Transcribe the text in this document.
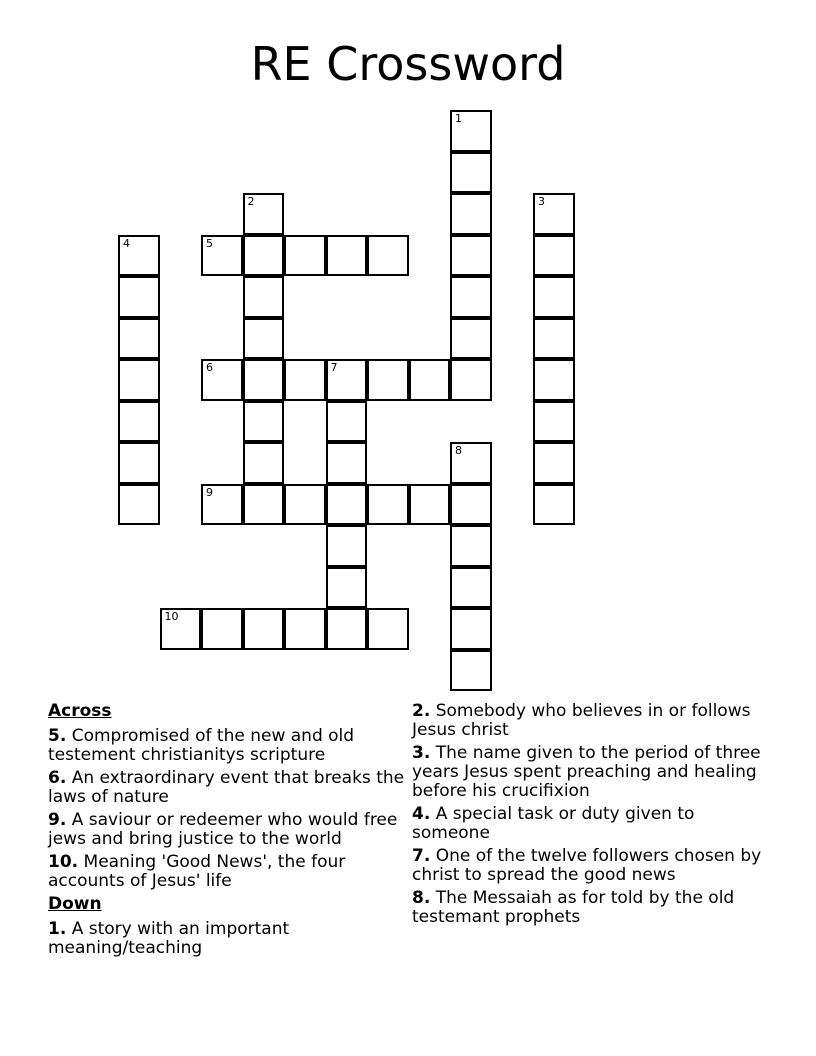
RE Crossword
1
2	3
4	5
6	7
8
9
10
Across
5. Compromised of the new and old testement christianitys scripture
6. An extraordinary event that breaks the laws of nature
9. A saviour or redeemer who would free jews and bring justice to the world
10. Meaning 'Good News', the four accounts of Jesus' life
Down
1. A story with an important meaning/teaching
2. Somebody who believes in or follows Jesus christ
3. The name given to the period of three years Jesus spent preaching and healing before his crucifixion
4. A special task or duty given to someone
7. One of the twelve followers chosen by christ to spread the good news
8. The Messaiah as for told by the old testemant prophets
